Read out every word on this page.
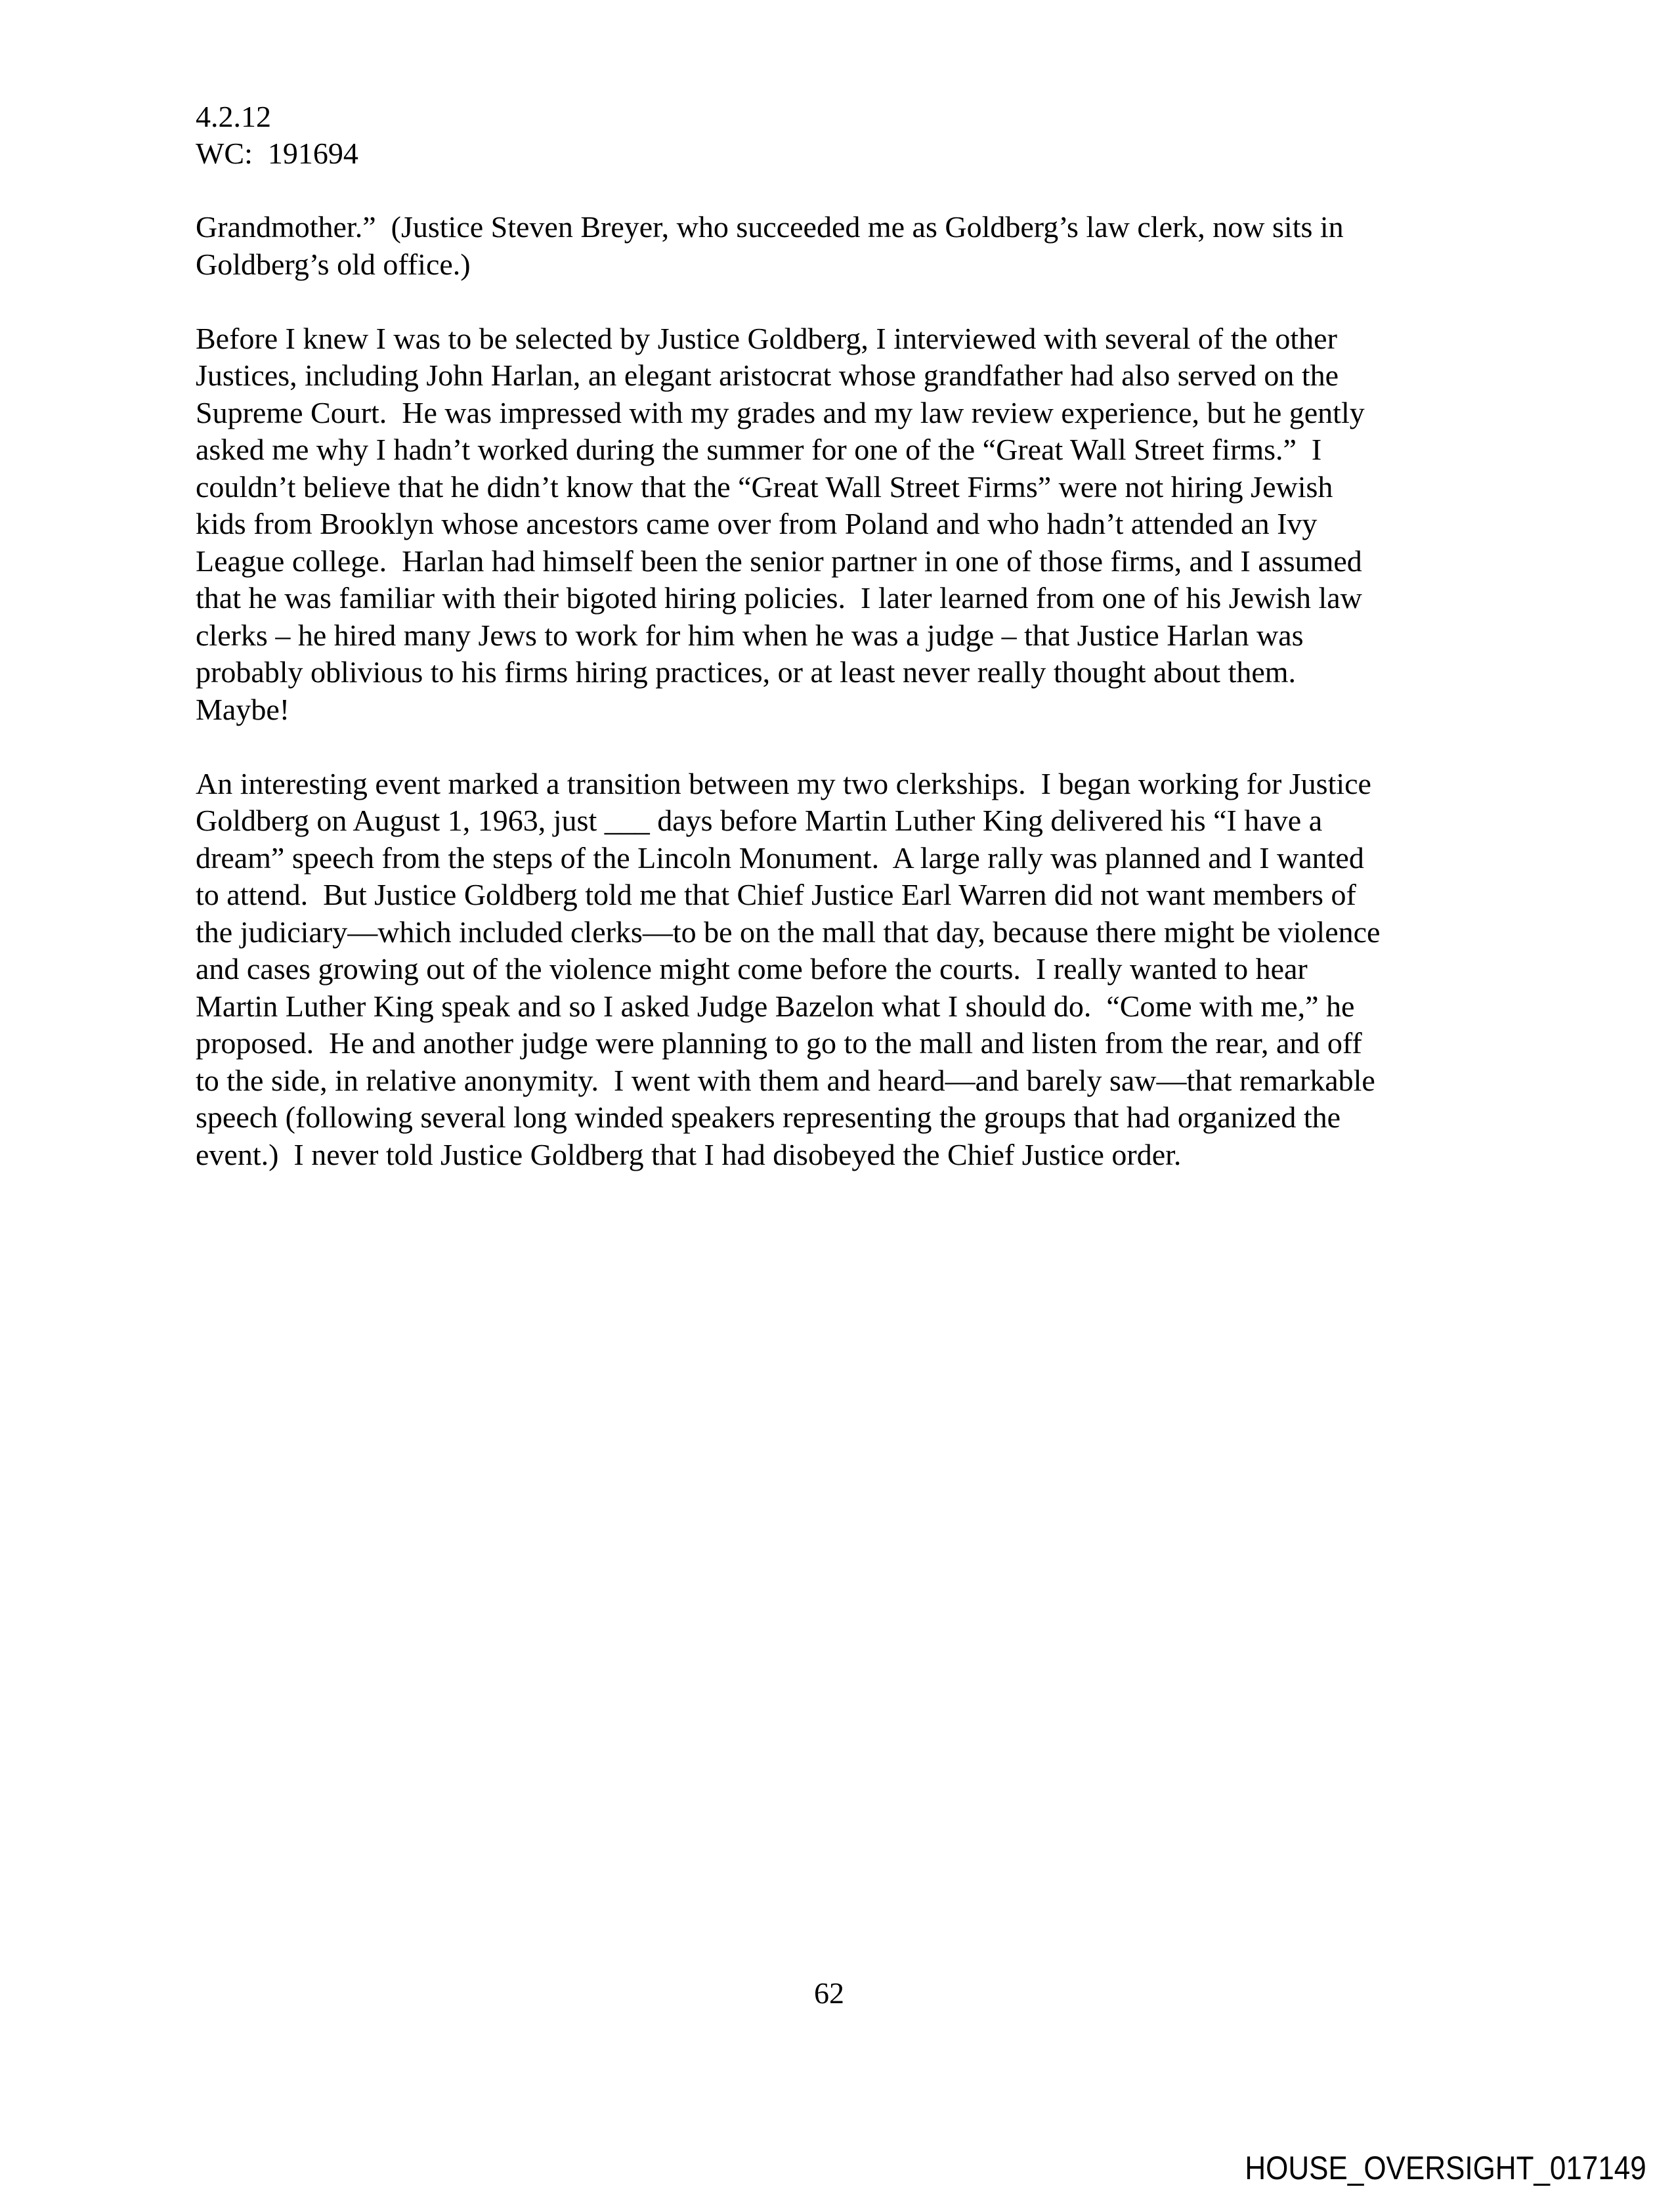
4.2.12
WC:  191694

Grandmother.”  (Justice Steven Breyer, who succeeded me as Goldberg’s law clerk, now sits in
Goldberg’s old office.)

Before I knew I was to be selected by Justice Goldberg, I interviewed with several of the other
Justices, including John Harlan, an elegant aristocrat whose grandfather had also served on the
Supreme Court.  He was impressed with my grades and my law review experience, but he gently
asked me why I hadn’t worked during the summer for one of the “Great Wall Street firms.”  I
couldn’t believe that he didn’t know that the “Great Wall Street Firms” were not hiring Jewish
kids from Brooklyn whose ancestors came over from Poland and who hadn’t attended an Ivy
League college.  Harlan had himself been the senior partner in one of those firms, and I assumed
that he was familiar with their bigoted hiring policies.  I later learned from one of his Jewish law
clerks – he hired many Jews to work for him when he was a judge – that Justice Harlan was
probably oblivious to his firms hiring practices, or at least never really thought about them.
Maybe!

An interesting event marked a transition between my two clerkships.  I began working for Justice
Goldberg on August 1, 1963, just ___ days before Martin Luther King delivered his “I have a
dream” speech from the steps of the Lincoln Monument.  A large rally was planned and I wanted
to attend.  But Justice Goldberg told me that Chief Justice Earl Warren did not want members of
the judiciary—which included clerks—to be on the mall that day, because there might be violence
and cases growing out of the violence might come before the courts.  I really wanted to hear
Martin Luther King speak and so I asked Judge Bazelon what I should do.  “Come with me,” he
proposed.  He and another judge were planning to go to the mall and listen from the rear, and off
to the side, in relative anonymity.  I went with them and heard—and barely saw—that remarkable
speech (following several long winded speakers representing the groups that had organized the
event.)  I never told Justice Goldberg that I had disobeyed the Chief Justice order.

62
HOUSE_OVERSIGHT_017149
